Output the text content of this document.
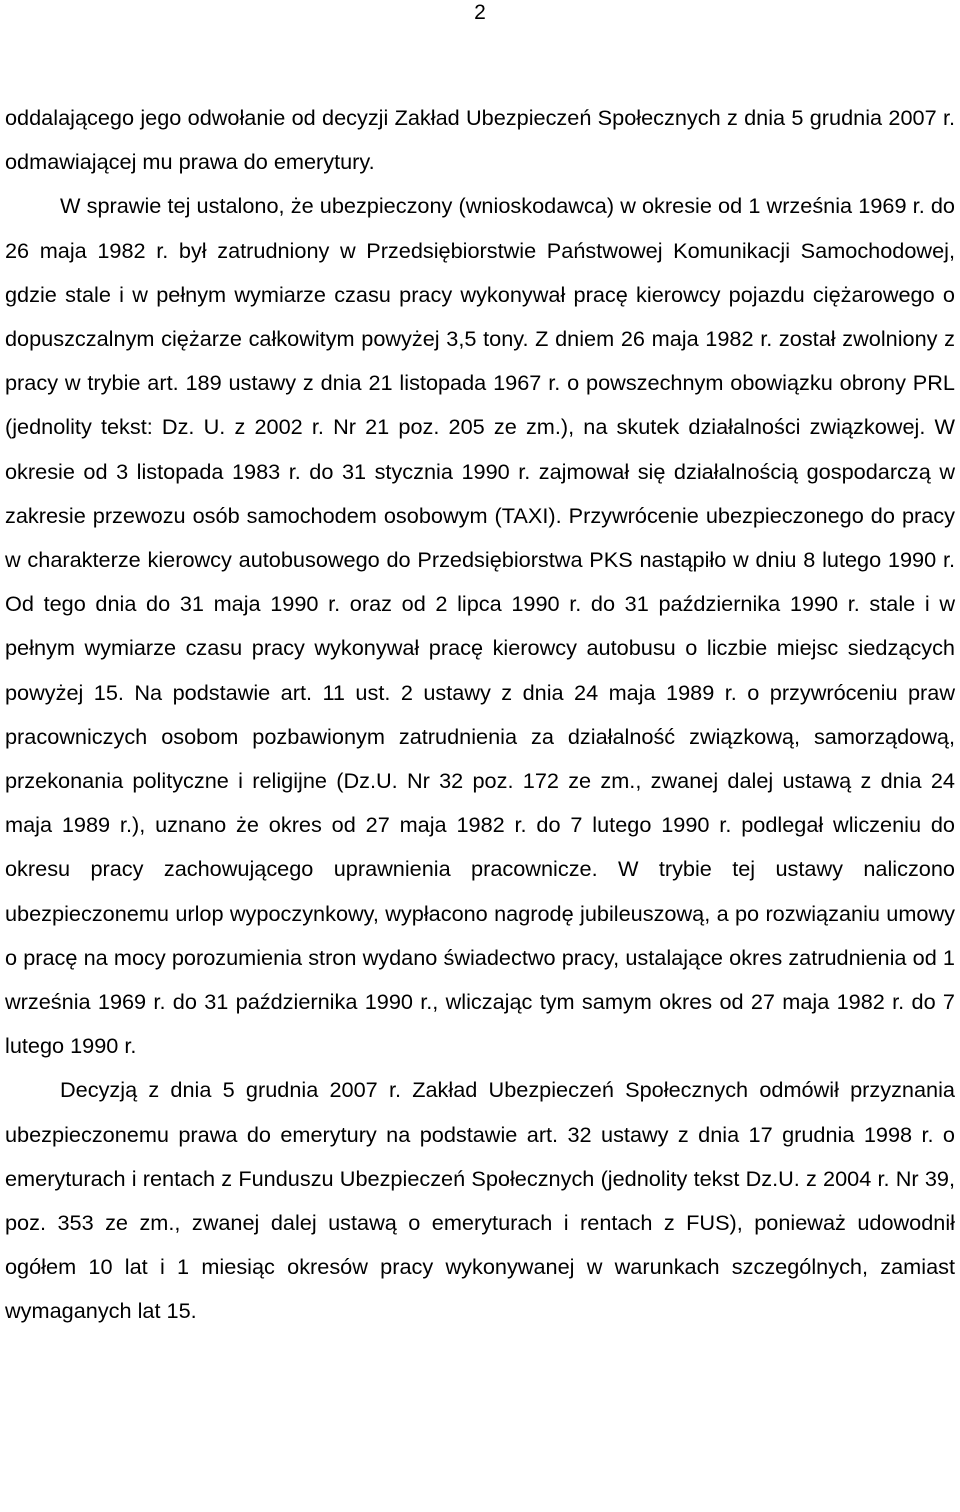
2

oddalającego jego odwołanie od decyzji Zakład Ubezpieczeń Społecznych z dnia 5 grudnia 2007 r. odmawiającej mu prawa do emerytury.

W sprawie tej ustalono, że ubezpieczony (wnioskodawca) w okresie od 1 września 1969 r. do 26 maja 1982 r. był zatrudniony w Przedsiębiorstwie Państwowej Komunikacji Samochodowej, gdzie stale i w pełnym wymiarze czasu pracy wykonywał pracę kierowcy pojazdu ciężarowego o dopuszczalnym ciężarze całkowitym powyżej 3,5 tony. Z dniem 26 maja 1982 r. został zwolniony z pracy w trybie art. 189 ustawy z dnia 21 listopada 1967 r. o powszechnym obowiązku obrony PRL (jednolity tekst: Dz. U. z 2002 r. Nr 21 poz. 205 ze zm.), na skutek działalności związkowej. W okresie od 3 listopada 1983 r. do 31 stycznia 1990 r. zajmował się działalnością gospodarczą w zakresie przewozu osób samochodem osobowym (TAXI). Przywrócenie ubezpieczonego do pracy w charakterze kierowcy autobusowego do Przedsiębiorstwa PKS nastąpiło w dniu 8 lutego 1990 r. Od tego dnia do 31 maja 1990 r. oraz od 2 lipca 1990 r. do 31 października 1990 r. stale i w pełnym wymiarze czasu pracy wykonywał pracę kierowcy autobusu o liczbie miejsc siedzących powyżej 15. Na podstawie art. 11 ust. 2 ustawy z dnia 24 maja 1989 r. o przywróceniu praw pracowniczych osobom pozbawionym zatrudnienia za działalność związkową, samorządową, przekonania polityczne i religijne (Dz.U. Nr 32 poz. 172 ze zm., zwanej dalej ustawą z dnia 24 maja 1989 r.), uznano że okres od 27 maja 1982 r. do 7 lutego 1990 r. podlegał wliczeniu do okresu pracy zachowującego uprawnienia pracownicze. W trybie tej ustawy naliczono ubezpieczonemu urlop wypoczynkowy, wypłacono nagrodę jubileuszową, a po rozwiązaniu umowy o pracę na mocy porozumienia stron wydano świadectwo pracy, ustalające okres zatrudnienia od 1 września 1969 r. do 31 października 1990 r., wliczając tym samym okres od 27 maja 1982 r. do 7 lutego 1990 r.

Decyzją z dnia 5 grudnia 2007 r. Zakład Ubezpieczeń Społecznych odmówił przyznania ubezpieczonemu prawa do emerytury na podstawie art. 32 ustawy z dnia 17 grudnia 1998 r. o emeryturach i rentach z Funduszu Ubezpieczeń Społecznych (jednolity tekst Dz.U. z 2004 r. Nr 39, poz. 353 ze zm., zwanej dalej ustawą o emeryturach i rentach z FUS), ponieważ udowodnił ogółem 10 lat i 1 miesiąc okresów pracy wykonywanej w warunkach szczególnych, zamiast wymaganych lat 15.
